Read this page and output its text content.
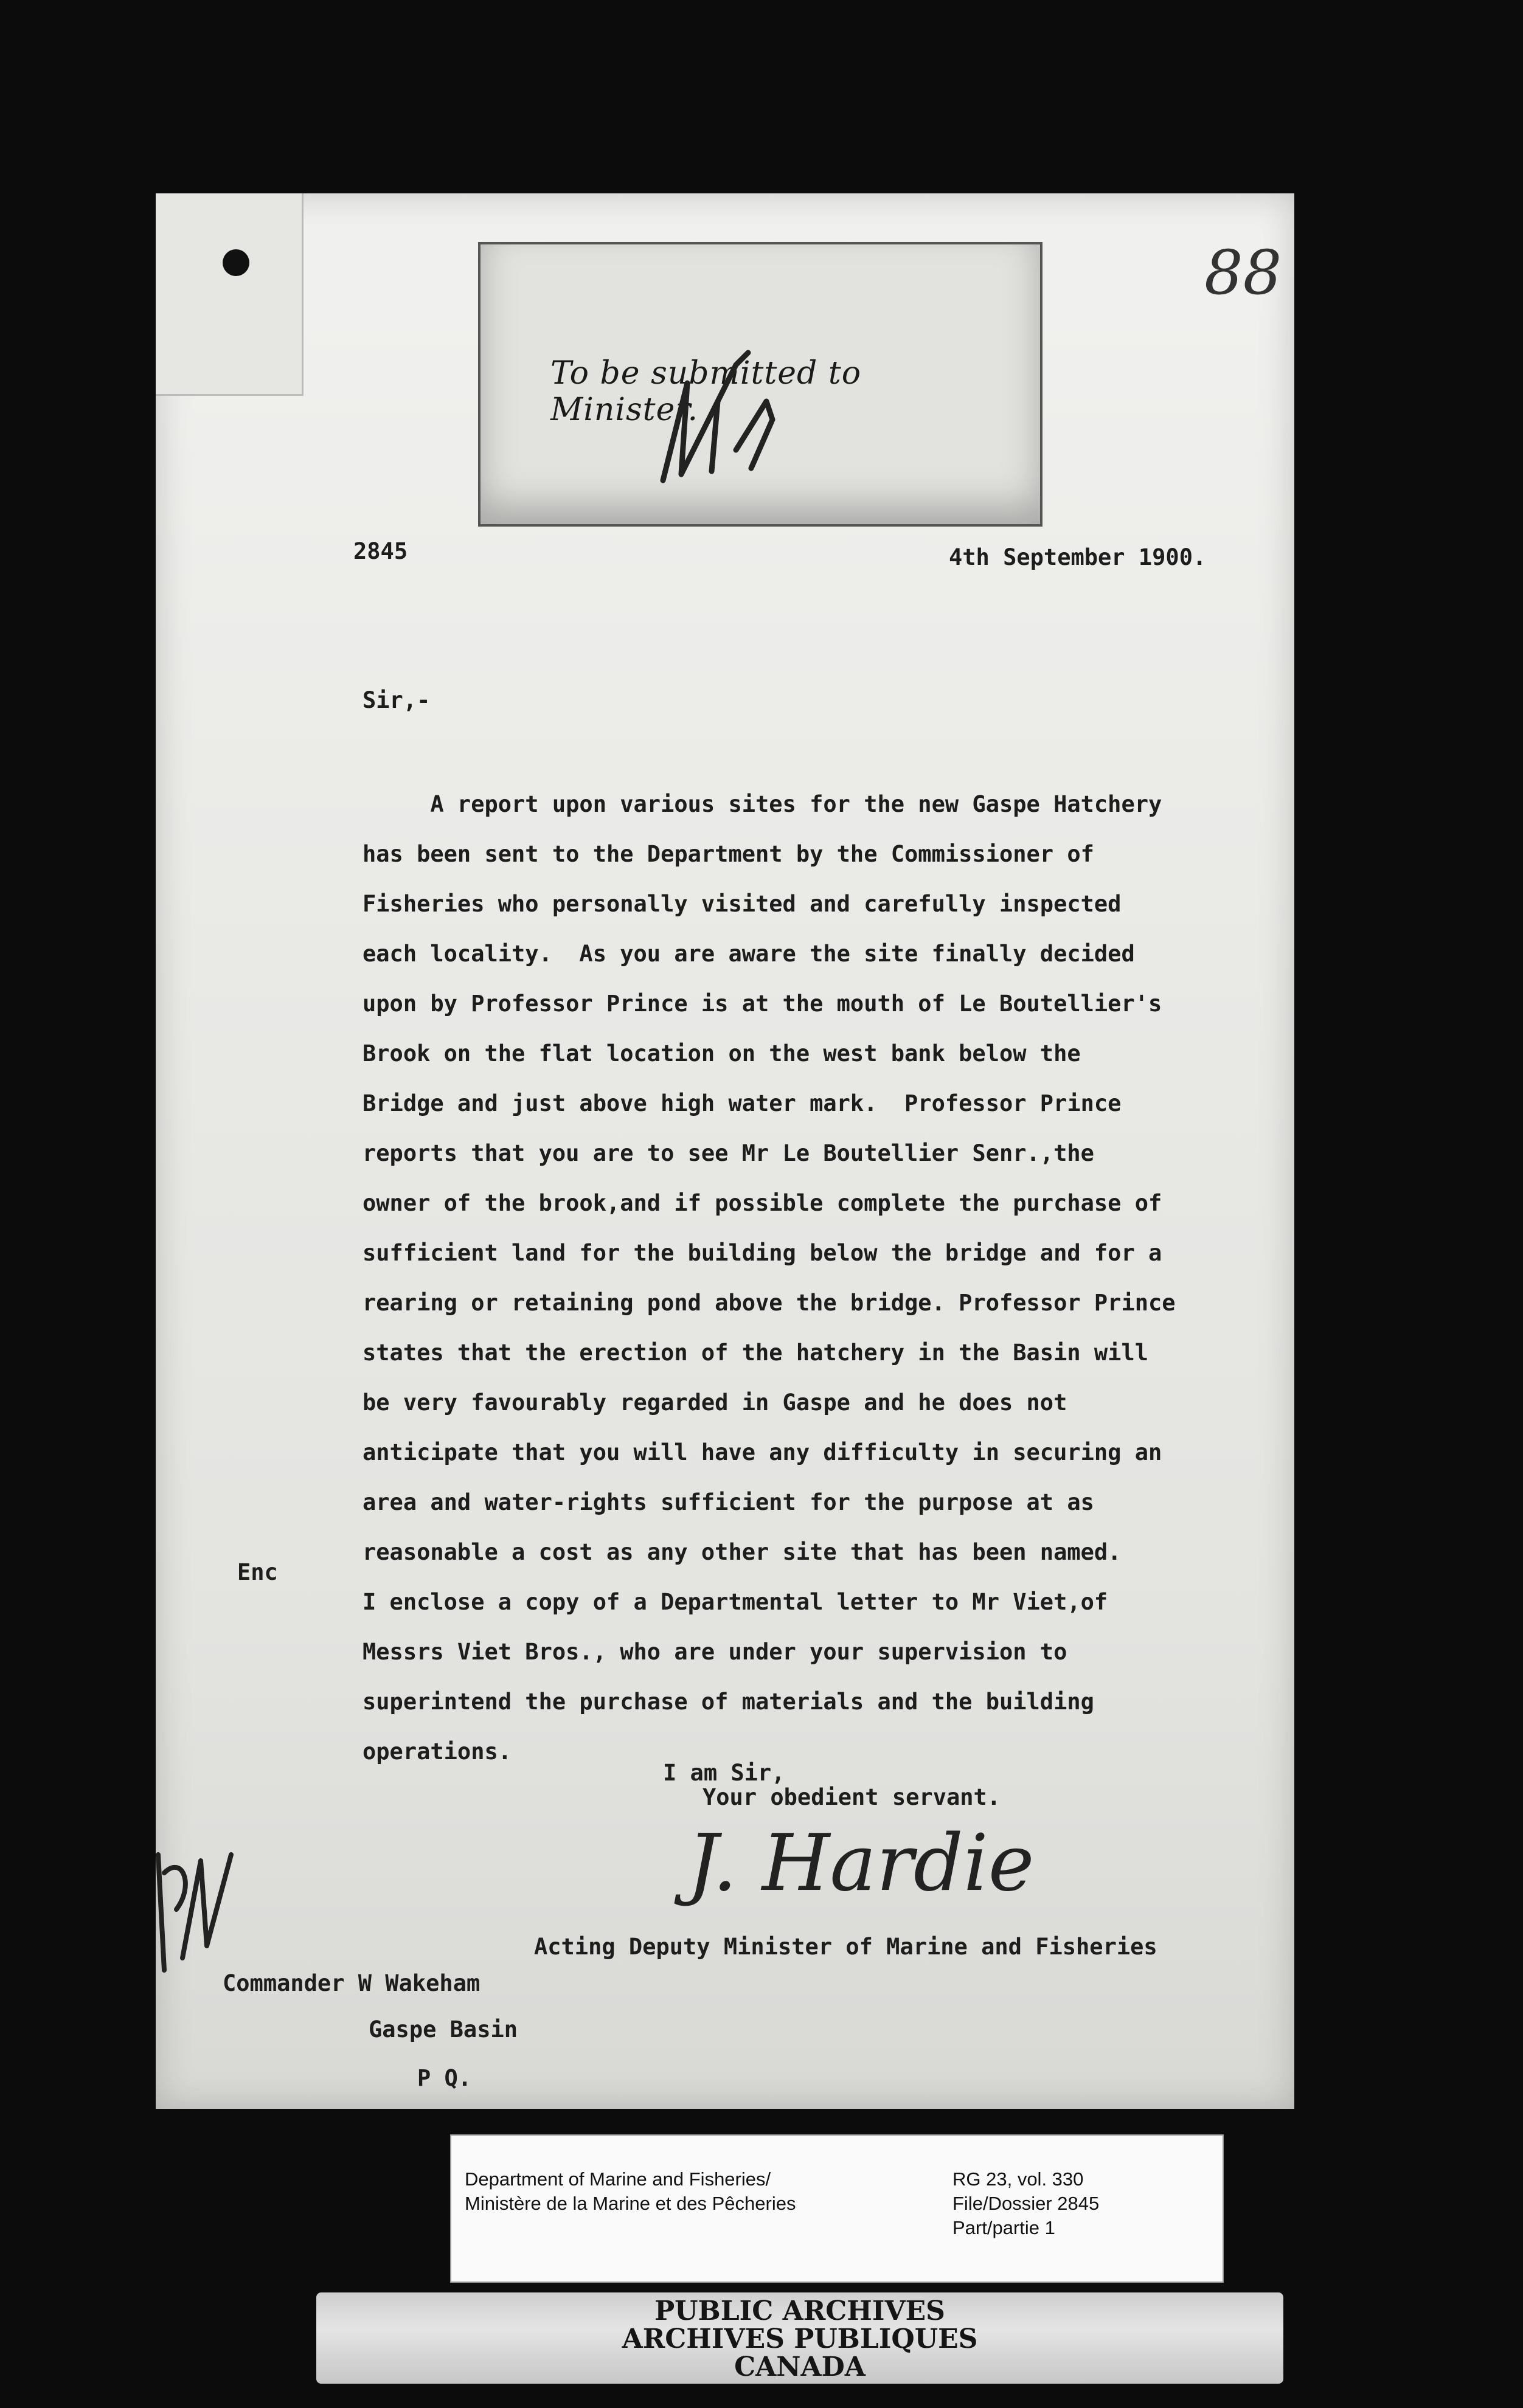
To be submitted to Minister.
88
2845	4th September 1900.
Sir,-
A report upon various sites for the new Gaspe Hatchery
has been sent to the Department by the Commissioner of
Fisheries who personally visited and carefully inspected
each locality.  As you are aware the site finally decided
upon by Professor Prince is at the mouth of Le Boutellier's
Brook on the flat location on the west bank below the
Bridge and just above high water mark.  Professor Prince
reports that you are to see Mr Le Boutellier Senr.,the
owner of the brook,and if possible complete the purchase of
sufficient land for the building below the bridge and for a
rearing or retaining pond above the bridge. Professor Prince
states that the erection of the hatchery in the Basin will
be very favourably regarded in Gaspe and he does not
anticipate that you will have any difficulty in securing an
area and water-rights sufficient for the purpose at as
reasonable a cost as any other site that has been named.
I enclose a copy of a Departmental letter to Mr Viet,of
Messrs Viet Bros., who are under your supervision to
superintend the purchase of materials and the building
operations.
Enc
I am Sir,
Your obedient servant.
J. Hardie
Acting Deputy Minister of Marine and Fisheries
Commander W Wakeham
Gaspe Basin
P Q.
Department of Marine and Fisheries/
Ministère de la Marine et des Pêcheries
RG 23, vol. 330
File/Dossier 2845
Part/partie 1
PUBLIC ARCHIVES
ARCHIVES PUBLIQUES
CANADA
